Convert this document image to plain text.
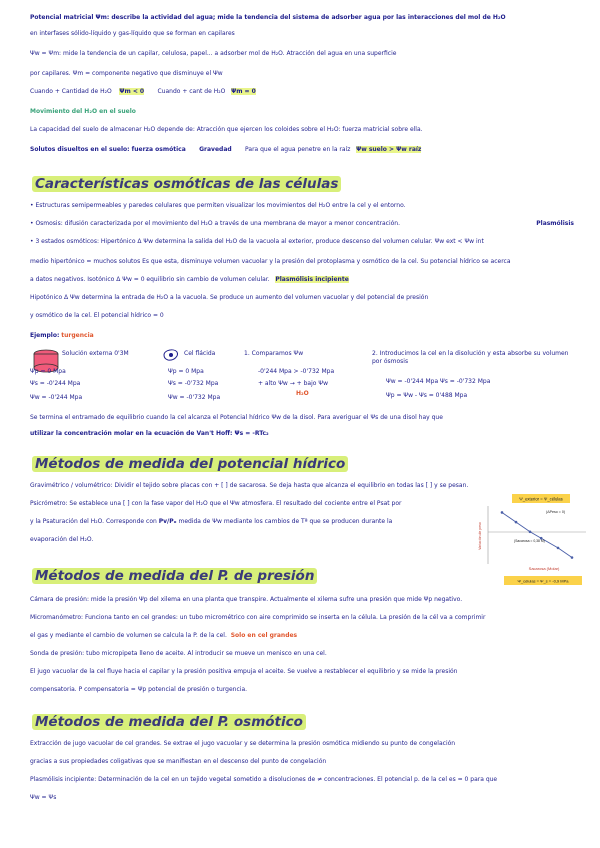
Potencial matricial Ψm: describe la actividad del agua; mide la tendencia del sistema de adsorber agua por las interacciones del mol de H₂O
en interfases sólido-líquido y gas-líquido que se forman en capilares
Ψw = Ψm: mide la tendencia de un capilar, celulosa, papel... a adsorber mol de H₂O. Atracción del agua en una superficie
por capilares. Ψm = componente negativo que disminuye el Ψw
Cuando + Cantidad de H₂O Ψm < 0 Cuando + cant de H₂O Ψm = 0
Movimiento del H₂O en el suelo
La capacidad del suelo de almacenar H₂O depende de: Atracción que ejercen los coloides sobre el H₂O: fuerza matricial sobre ella.
Solutos disueltos en el suelo: fuerza osmótica Gravedad Para que el agua penetre en la raíz Ψw suelo > Ψw raíz
Características osmóticas de las células
• Estructuras semipermeables y paredes celulares que permiten visualizar los movimientos del H₂O entre la cel y el entorno.
• Ósmosis: difusión caracterizada por el movimiento del H₂O a través de una membrana de mayor a menor concentración.	Plasmólisis
• 3 estados osmóticos: Hipertónico Δ Ψw determina la salida del H₂O de la vacuola al exterior, produce descenso del volumen celular. Ψw ext < Ψw int
medio hipertónico = muchos solutos Es que esta, disminuye volumen vacuolar y la presión del protoplasma y osmótico de la cel. Su potencial hídrico se acerca
a datos negativos. Isotónico Δ Ψw = 0 equilibrio sin cambio de volumen celular. Plasmólisis incipiente
Hipotónico Δ Ψw determina la entrada de H₂O a la vacuola. Se produce un aumento del volumen vacuolar y del potencial de presión
y osmótico de la cel. El potencial hídrico = 0
Ejemplo: turgencia
Solución externa 0'3M
Ψp = 0 Mpa
Ψs = -0'244 Mpa
Ψw = -0'244 Mpa
Cel flácida
Ψp = 0 Mpa
Ψs = -0'732 Mpa
Ψw = -0'732 Mpa
1. Comparamos Ψw
-0'244 Mpa > -0'732 Mpa
+ alto Ψw → + bajo Ψw
H₂O
2. Introducimos la cel en la disolución y esta absorbe su volumen por ósmosis
Ψw = -0'244 Mpa Ψs = -0'732 Mpa
Ψp = Ψw - Ψs = 0'488 Mpa
Se termina el entramado de equilibrio cuando la cel alcanza el Potencial hídrico Ψw de la disol. Para averiguar el Ψs de una disol hay que
utilizar la concentración molar en la ecuación de Van't Hoff: Ψs = -RTc₂
Métodos de medida del potencial hídrico
Gravimétrico / volumétrico: Dividir el tejido sobre placas con + [ ] de sacarosa. Se deja hasta que alcanza el equilibrio en todas las [ ] y se pesan.
Psicrómetro: Se establece una [ ] con la fase vapor del H₂O que el Ψw atmosfera. El resultado del cociente entre el Psat por
y la Psaturación del H₂O. Corresponde con Pv/Pₒ medida de Ψw mediante los cambios de Tª que se producen durante la
evaporación del H₂O.
Ψ_exterior = Ψ_células
Variación de peso
(ΔPeso = 0)
(Sacarosa = 0,38 M)
Sacarosa (Molar)
Ψ_células = Ψ_s = -0,9 MPa
Métodos de medida del P. de presión
Cámara de presión: mide la presión Ψp del xilema en una planta que transpire. Actualmente el xilema sufre una presión que mide Ψp negativo.
Micromanómetro: Funciona tanto en cel grandes: un tubo micrométrico con aire comprimido se inserta en la célula. La presión de la cél va a comprimir
el gas y mediante el cambio de volumen se calcula la P. de la cel. Solo en cel grandes
Sonda de presión: tubo micropipeta lleno de aceite. Al introducir se mueve un menisco en una cel.
El jugo vacuolar de la cel fluye hacia el capilar y la presión positiva empuja el aceite. Se vuelve a restablecer el equilibrio y se mide la presión
compensatoria. P compensatoria = Ψp potencial de presión o turgencia.
Métodos de medida del P. osmótico
Extracción de jugo vacuolar de cel grandes. Se extrae el jugo vacuolar y se determina la presión osmótica midiendo su punto de congelación
gracias a sus propiedades coligativas que se manifiestan en el descenso del punto de congelación
Plasmólisis incipiente: Determinación de la cel en un tejido vegetal sometido a disoluciones de ≠ concentraciones. El potencial p. de la cel es = 0 para que
Ψw = Ψs
